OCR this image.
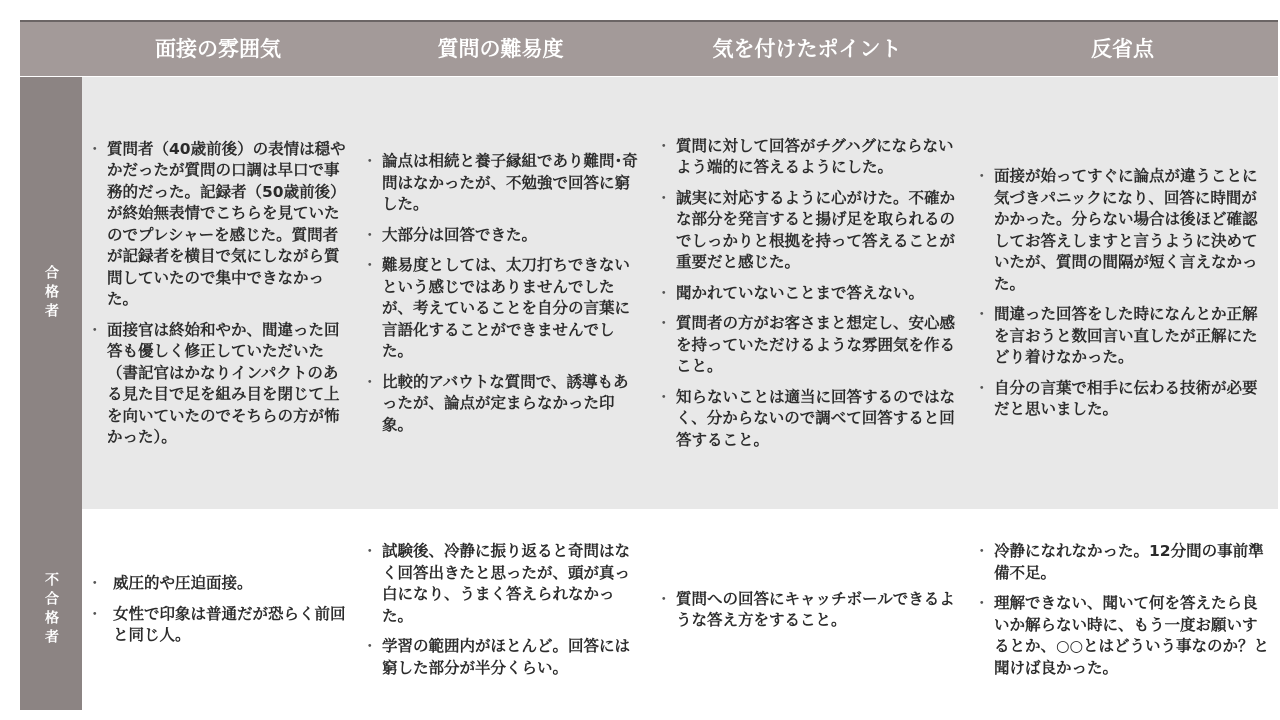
面接の雰囲気	質問の難易度	気を付けたポイント	反省点
合格者
・ 質問者（40歳前後）の表情は穏やかだったが質問の口調は早口で事務的だった。記録者（50歳前後）が終始無表情でこちらを見ていたのでプレシャーを感じた。質問者が記録者を横目で気にしながら質問していたので集中できなかった。
・ 面接官は終始和やか、間違った回答も優しく修正していただいた（書記官はかなりインパクトのある見た目で足を組み目を閉じて上を向いていたのでそちらの方が怖かった）。
・ 論点は相続と養子縁組であり難問･奇問はなかったが、不勉強で回答に窮した。
・ 大部分は回答できた。
・ 難易度としては、太刀打ちできないという感じではありませんでしたが、考えていることを自分の言葉に言語化することができませんでした。
・ 比較的アバウトな質問で、誘導もあったが、論点が定まらなかった印象。
・ 質問に対して回答がチグハグにならないよう端的に答えるようにした。
・ 誠実に対応するように心がけた。不確かな部分を発言すると揚げ足を取られるのでしっかりと根拠を持って答えることが重要だと感じた。
・ 聞かれていないことまで答えない。
・ 質問者の方がお客さまと想定し、安心感を持っていただけるような雰囲気を作ること。
・ 知らないことは適当に回答するのではなく、分からないので調べて回答すると回答すること。
・ 面接が始ってすぐに論点が違うことに気づきパニックになり、回答に時間がかかった。分らない場合は後ほど確認してお答えしますと言うように決めていたが、質問の間隔が短く言えなかった。
・ 間違った回答をした時になんとか正解を言おうと数回言い直したが正解にたどり着けなかった。
・ 自分の言葉で相手に伝わる技術が必要だと思いました。
不合格者
・	威圧的や圧迫面接。
・ 女性で印象は普通だが恐らく前回と同じ人。
・ 試験後、冷静に振り返ると奇問はなく回答出きたと思ったが、頭が真っ白になり、うまく答えられなかった。
・ 学習の範囲内がほとんど。回答には窮した部分が半分くらい。
・ 質問への回答にキャッチボールできるような答え方をすること。
・ 冷静になれなかった。12分間の事前準備不足。
・ 理解できない、聞いて何を答えたら良いか解らない時に、もう一度お願いするとか、○○とはどういう事なのか？と聞けば良かった。
